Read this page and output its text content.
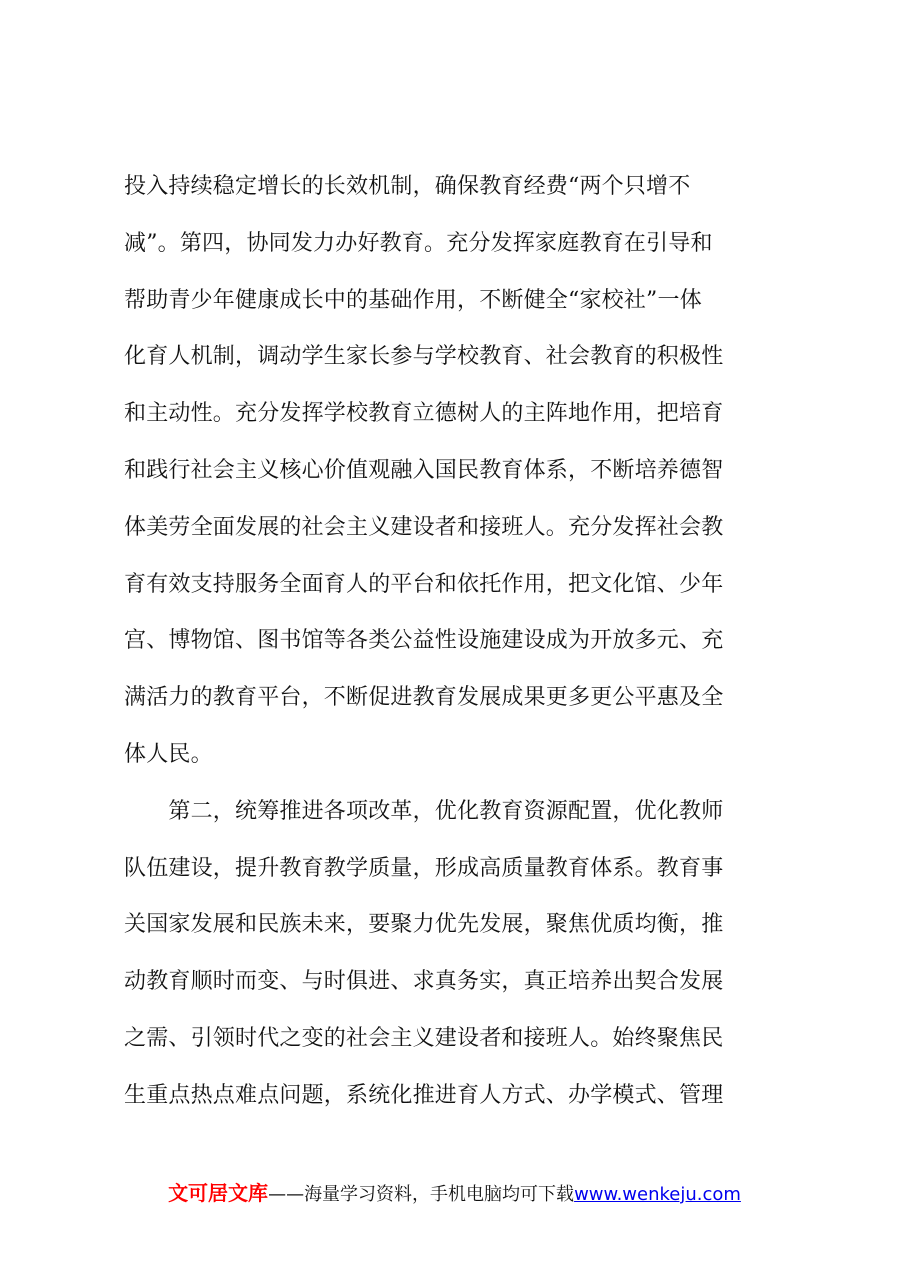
投入持续稳定增长的长效机制，确保教育经费“两个只增不
减”。第四，协同发力办好教育。充分发挥家庭教育在引导和
帮助青少年健康成长中的基础作用，不断健全“家校社”一体
化育人机制，调动学生家长参与学校教育、社会教育的积极性
和主动性。充分发挥学校教育立德树人的主阵地作用，把培育
和践行社会主义核心价值观融入国民教育体系，不断培养德智
体美劳全面发展的社会主义建设者和接班人。充分发挥社会教
育有效支持服务全面育人的平台和依托作用，把文化馆、少年
宫、博物馆、图书馆等各类公益性设施建设成为开放多元、充
满活力的教育平台，不断促进教育发展成果更多更公平惠及全
体人民。
　　第二，统筹推进各项改革，优化教育资源配置，优化教师
队伍建设，提升教育教学质量，形成高质量教育体系。教育事
关国家发展和民族未来，要聚力优先发展，聚焦优质均衡，推
动教育顺时而变、与时俱进、求真务实，真正培养出契合发展
之需、引领时代之变的社会主义建设者和接班人。始终聚焦民
生重点热点难点问题，系统化推进育人方式、办学模式、管理
文可居文库——海量学习资料，手机电脑均可下载www.wenkeju.com
